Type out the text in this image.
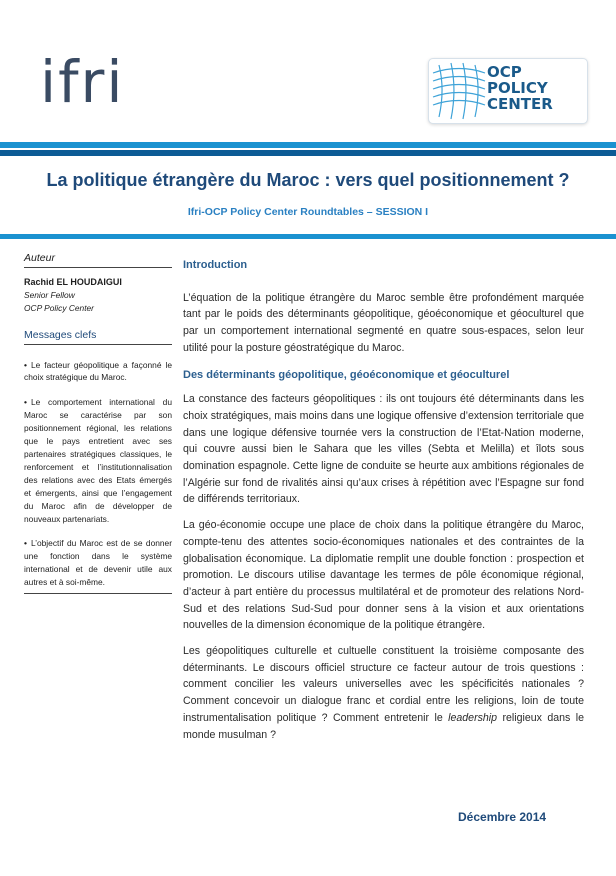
ifri	OCP
POLICY
CENTER
La politique étrangère du Maroc : vers quel positionnement ?
Ifri-OCP Policy Center Roundtables – SESSION I
Auteur
Rachid EL HOUDAIGUI
Senior Fellow
OCP Policy Center
Messages clefs
• Le facteur géopolitique a façonné le choix stratégique du Maroc.
• Le comportement international du Maroc se caractérise par son positionnement régional, les relations que le pays entretient avec ses partenaires stratégiques classiques, le renforcement et l’institutionnalisation des relations avec des Etats émergés et émergents, ainsi que l’engagement du Maroc afin de développer de nouveaux partenariats.
• L’objectif du Maroc est de se donner une fonction dans le système international et de devenir utile aux autres et à soi-même.
Introduction

L’équation de la politique étrangère du Maroc semble être profondément marquée tant par le poids des déterminants géopolitique, géoéconomique et géoculturel que par un comportement international segmenté en quatre sous-espaces, selon leur utilité pour la posture géostratégique du Maroc.

Des déterminants géopolitique, géoéconomique et géoculturel

La constance des facteurs géopolitiques : ils ont toujours été déterminants dans les choix stratégiques, mais moins dans une logique offensive d’extension territoriale que dans une logique défensive tournée vers la construction de l’Etat-Nation moderne, qui couvre aussi bien le Sahara que les villes (Sebta et Melilla) et îlots sous domination espagnole. Cette ligne de conduite se heurte aux ambitions régionales de l’Algérie sur fond de rivalités ainsi qu’aux crises à répétition avec l’Espagne sur fond de différends territoriaux.

La géo-économie occupe une place de choix dans la politique étrangère du Maroc, compte-tenu des attentes socio-économiques nationales et des contraintes de la globalisation économique. La diplomatie remplit une double fonction : prospection et promotion. Le discours utilise davantage les termes de pôle économique régional, d’acteur à part entière du processus multilatéral et de promoteur des relations Nord-Sud et des relations Sud-Sud pour donner sens à la vision et aux orientations nouvelles de la dimension économique de la politique étrangère.

Les géopolitiques culturelle et cultuelle constituent la troisième composante des déterminants. Le discours officiel structure ce facteur autour de trois questions : comment concilier les valeurs universelles avec les spécificités nationales ? Comment concevoir un dialogue franc et cordial entre les religions, loin de toute instrumentalisation politique ? Comment entretenir le leadership religieux dans le monde musulman ?

Décembre 2014
